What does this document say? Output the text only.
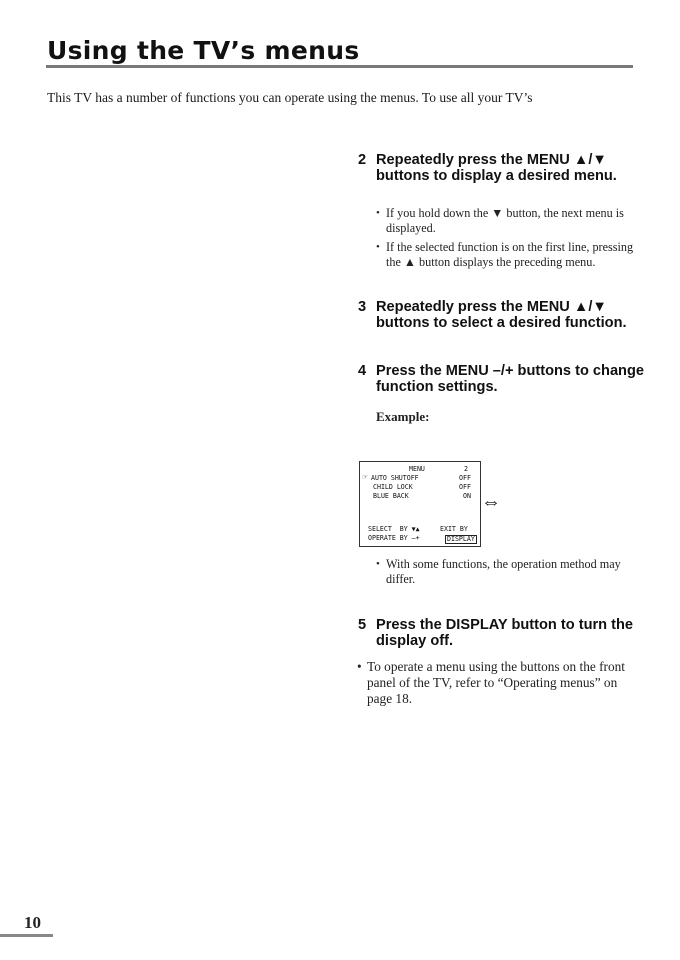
Using the TV’s menus

This TV has a number of functions you can operate using the menus. To use all your TV’s

2 Repeatedly press the MENU ▲/▼ buttons to display a desired menu.
• If you hold down the ▼ button, the next menu is displayed.
• If the selected function is on the first line, pressing the ▲ button displays the preceding menu.
3 Repeatedly press the MENU ▲/▼ buttons to select a desired function.
4 Press the MENU –/+ buttons to change function settings.
Example:
MENU	2
☞ AUTO SHUTOFF	OFF
CHILD LOCK	OFF
BLUE BACK	ON
SELECT  BY ▼▲	EXIT BY
OPERATE BY –+	DISPLAY
⇔
• With some functions, the operation method may differ.
5 Press the DISPLAY button to turn the display off.
• To operate a menu using the buttons on the front panel of the TV, refer to “Operating menus” on page 18.
10
